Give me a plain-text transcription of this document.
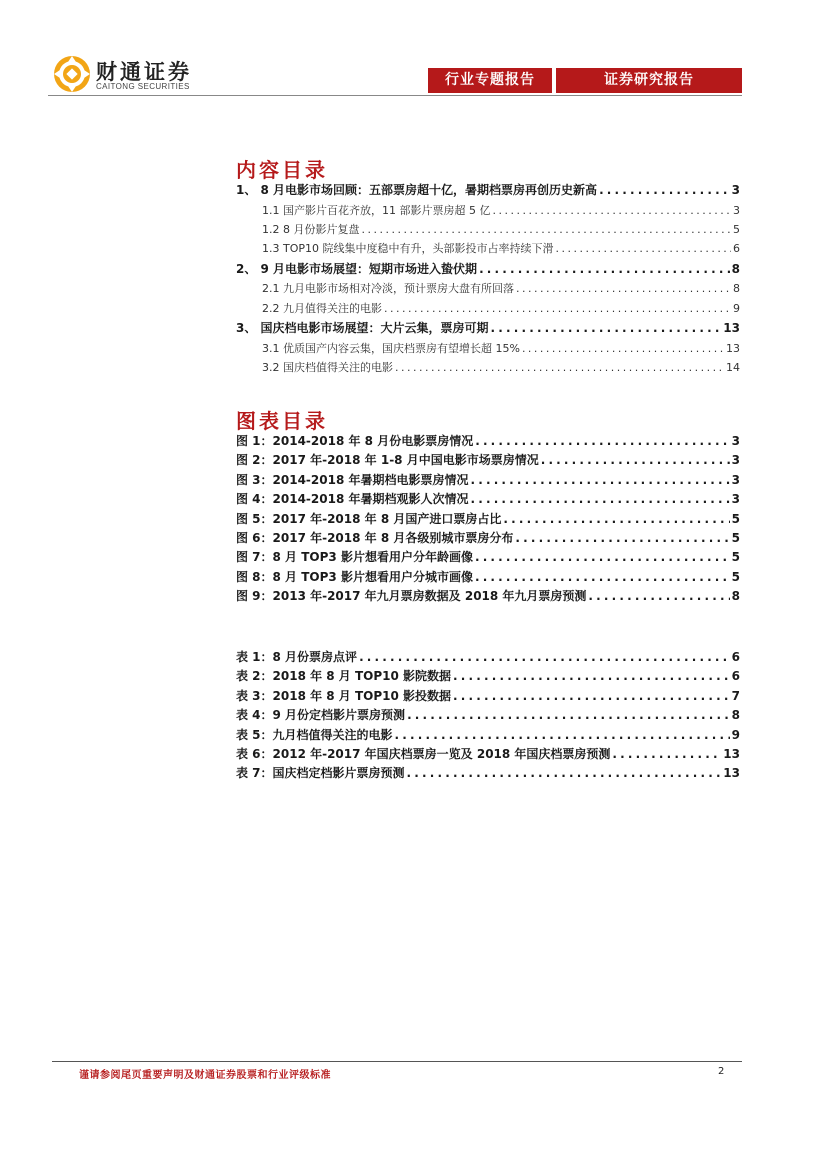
财通证券
CAITONG SECURITIES	行业专题报告	证券研究报告
内容目录
1、 8 月电影市场回顾：五部票房超十亿，暑期档票房再创历史新高 . . .	3
1.1 国产影片百花齐放，11 部影片票房超 5 亿 . . .	3
1.2 8 月份影片复盘 . . .	5
1.3 TOP10 院线集中度稳中有升，头部影投市占率持续下滑 . . .	6
2、 9 月电影市场展望：短期市场进入蛰伏期 . . .	8
2.1 九月电影市场相对冷淡，预计票房大盘有所回落 . . .	8
2.2 九月值得关注的电影 . . .	9
3、 国庆档电影市场展望：大片云集，票房可期 . . .	13
3.1 优质国产内容云集，国庆档票房有望增长超 15% . . .	13
3.2 国庆档值得关注的电影 . . .	14
图表目录
图 1：2014-2018 年 8 月份电影票房情况 . . .	3
图 2：2017 年-2018 年 1-8 月中国电影市场票房情况 . . .	3
图 3：2014-2018 年暑期档电影票房情况 . . .	3
图 4：2014-2018 年暑期档观影人次情况 . . .	3
图 5：2017 年-2018 年 8 月国产进口票房占比 . . .	5
图 6：2017 年-2018 年 8 月各级别城市票房分布 . . .	5
图 7：8 月 TOP3 影片想看用户分年龄画像 . . .	5
图 8：8 月 TOP3 影片想看用户分城市画像 . . .	5
图 9：2013 年-2017 年九月票房数据及 2018 年九月票房预测 . . .	8
表 1：8 月份票房点评 . . .	6
表 2：2018 年 8 月 TOP10 影院数据 . . .	6
表 3：2018 年 8 月 TOP10 影投数据 . . .	7
表 4：9 月份定档影片票房预测 . . .	8
表 5：九月档值得关注的电影 . . .	9
表 6：2012 年-2017 年国庆档票房一览及 2018 年国庆档票房预测 . . .	13
表 7：国庆档定档影片票房预测 . . .	13
谨请参阅尾页重要声明及财通证券股票和行业评级标准	2
